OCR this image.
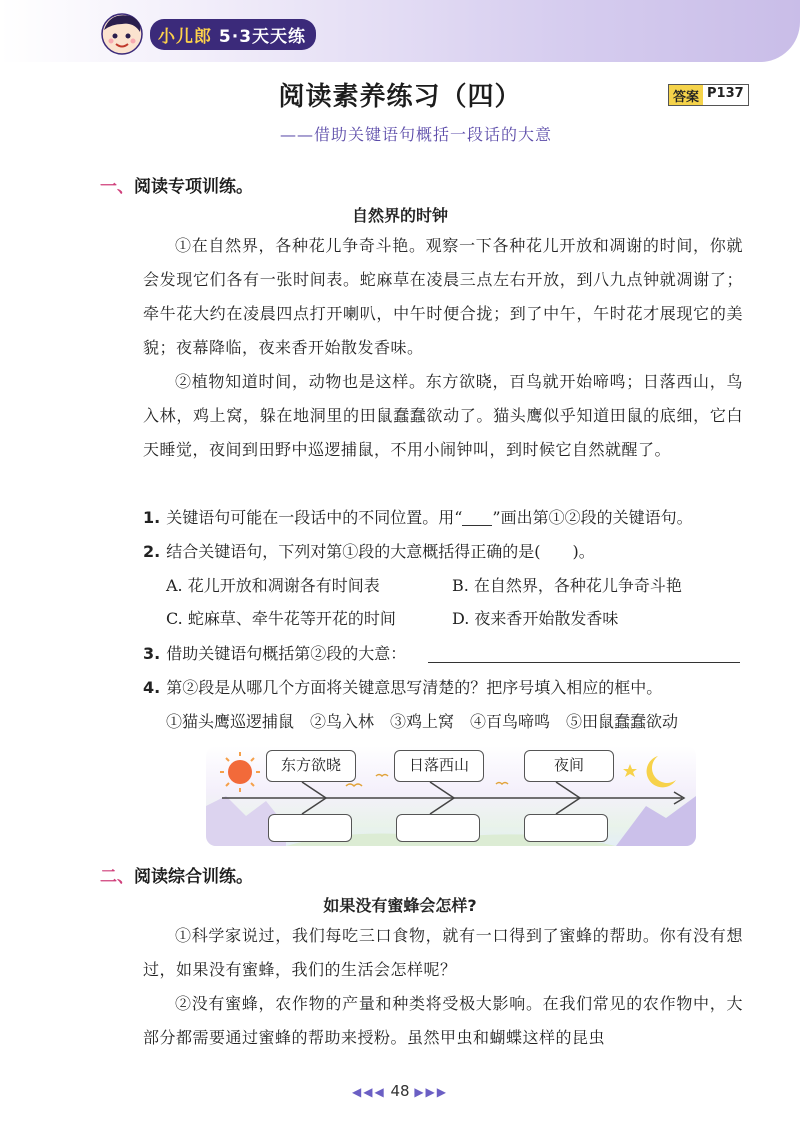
小儿郎 5·3天天练
阅读素养练习（四）	答案 P137
——借助关键语句概括一段话的大意
一、阅读专项训练。
自然界的时钟
①在自然界，各种花儿争奇斗艳。观察一下各种花儿开放和凋谢的时间，你就会发现它们各有一张时间表。蛇麻草在凌晨三点左右开放，到八九点钟就凋谢了；牵牛花大约在凌晨四点打开喇叭，中午时便合拢；到了中午，午时花才展现它的美貌；夜幕降临，夜来香开始散发香味。
②植物知道时间，动物也是这样。东方欲晓，百鸟就开始啼鸣；日落西山，鸟入林，鸡上窝，躲在地洞里的田鼠蠢蠢欲动了。猫头鹰似乎知道田鼠的底细，它白天睡觉，夜间到田野中巡逻捕鼠，不用小闹钟叫，到时候它自然就醒了。
1. 关键语句可能在一段话中的不同位置。用“ ”画出第①②段的关键语句。
2. 结合关键语句，下列对第①段的大意概括得正确的是(　　)。
A. 花儿开放和凋谢各有时间表	B. 在自然界，各种花儿争奇斗艳
C. 蛇麻草、牵牛花等开花的时间	D. 夜来香开始散发香味
3. 借助关键语句概括第②段的大意：
4. 第②段是从哪几个方面将关键意思写清楚的？把序号填入相应的框中。
①猫头鹰巡逻捕鼠　②鸟入林　③鸡上窝　④百鸟啼鸣　⑤田鼠蠢蠢欲动
东方欲晓	日落西山	夜间
二、阅读综合训练。
如果没有蜜蜂会怎样?
①科学家说过，我们每吃三口食物，就有一口得到了蜜蜂的帮助。你有没有想过，如果没有蜜蜂，我们的生活会怎样呢？
②没有蜜蜂，农作物的产量和种类将受极大影响。在我们常见的农作物中，大部分都需要通过蜜蜂的帮助来授粉。虽然甲虫和蝴蝶这样的昆虫
◀◀◀ 48 ▶▶▶
